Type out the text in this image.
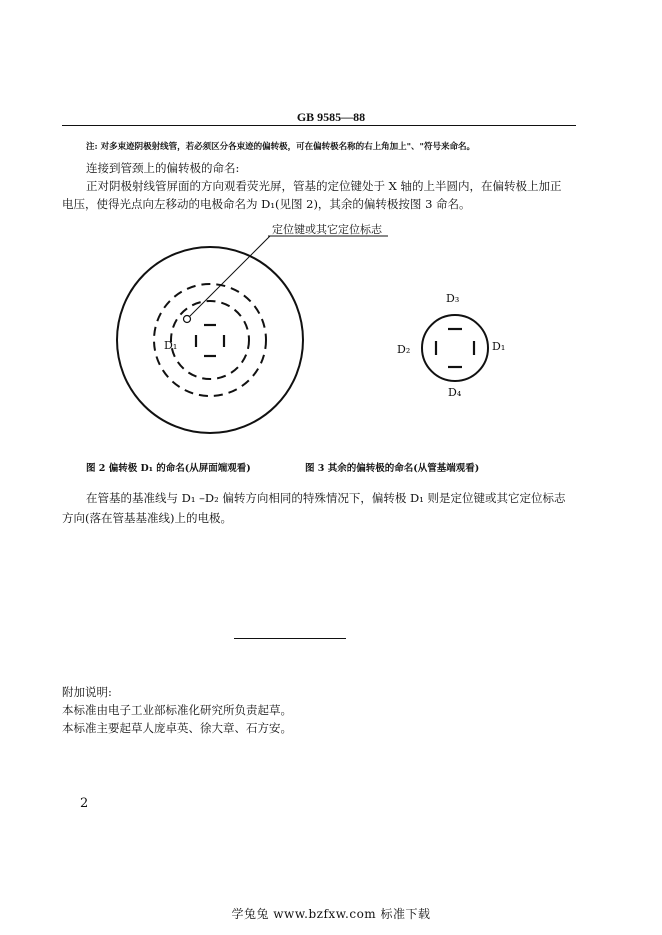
GB 9585—88
注: 对多束迹阴极射线管，若必须区分各束迹的偏转极，可在偏转极名称的右上角加上"、"符号来命名。
连接到管颈上的偏转极的命名:
正对阴极射线管屏面的方向观看荧光屏，管基的定位键处于 X 轴的上半圆内，在偏转极上加正
电压，使得光点向左移动的电极命名为 D₁(见图 2)，其余的偏转极按图 3 命名。
定位键或其它定位标志
D₁
D₃
D₂	D₁
D₄
图 2 偏转极 D₁ 的命名(从屏面端观看)	图 3 其余的偏转极的命名(从管基端观看)
在管基的基准线与 D₁ –D₂ 偏转方向相同的特殊情况下，偏转极 D₁ 则是定位键或其它定位标志
方向(落在管基基准线)上的电极。
附加说明:
本标准由电子工业部标准化研究所负责起草。
本标准主要起草人庞卓英、徐大章、石方安。
2
学兔兔 www.bzfxw.com 标准下载
